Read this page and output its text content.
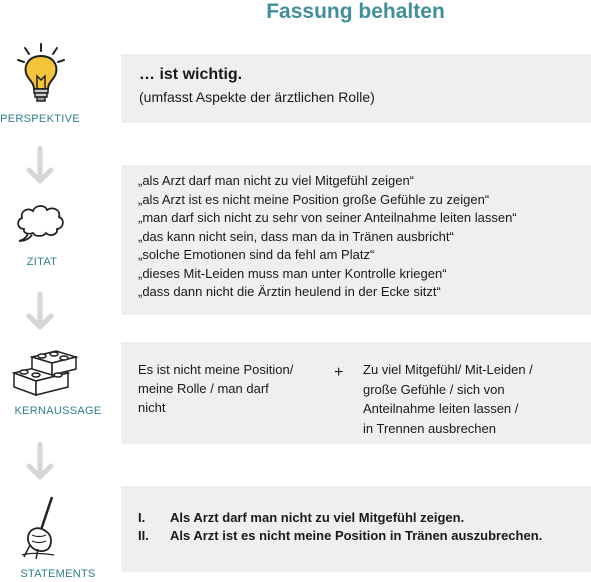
Fassung behalten
PERSPEKTIVE
ZITAT
KERNAUSSAGE
STATEMENTS
… ist wichtig.
(umfasst Aspekte der ärztlichen Rolle)
„als Arzt darf man nicht zu viel Mitgefühl zeigen“
„als Arzt ist es nicht meine Position große Gefühle zu zeigen“
„man darf sich nicht zu sehr von seiner Anteilnahme leiten lassen“
„das kann nicht sein, dass man da in Tränen ausbricht“
„solche Emotionen sind da fehl am Platz“
„dieses Mit-Leiden muss man unter Kontrolle kriegen“
„dass dann nicht die Ärztin heulend in der Ecke sitzt“
Es ist nicht meine Position/
meine Rolle / man darf
nicht
+ Zu viel Mitgefühl/ Mit-Leiden /
große Gefühle / sich von
Anteilnahme leiten lassen /
in Trennen ausbrechen
I.	Als Arzt darf man nicht zu viel Mitgefühl zeigen.
II.	Als Arzt ist es nicht meine Position in Tränen auszubrechen.
